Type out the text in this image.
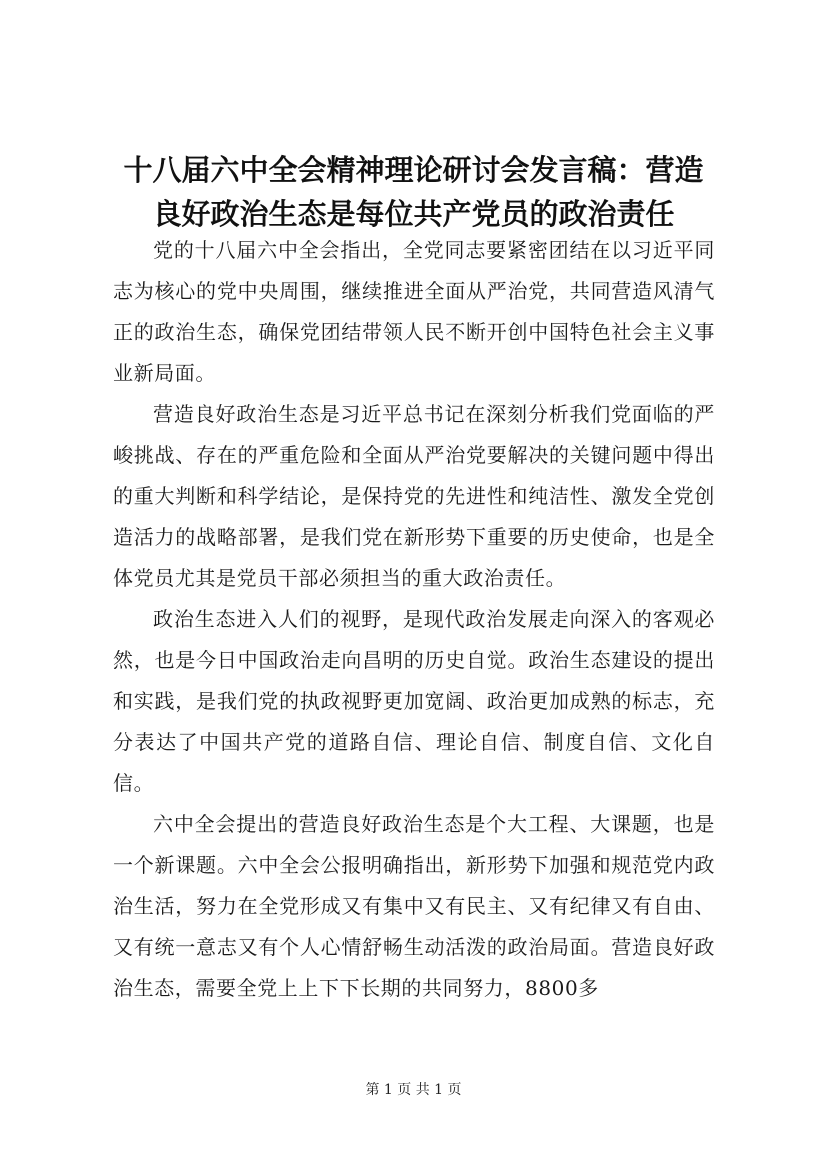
十八届六中全会精神理论研讨会发言稿：营造
良好政治生态是每位共产党员的政治责任

党的十八届六中全会指出，全党同志要紧密团结在以习近平同志为核心的党中央周围，继续推进全面从严治党，共同营造风清气正的政治生态，确保党团结带领人民不断开创中国特色社会主义事业新局面。

营造良好政治生态是习近平总书记在深刻分析我们党面临的严峻挑战、存在的严重危险和全面从严治党要解决的关键问题中得出的重大判断和科学结论，是保持党的先进性和纯洁性、激发全党创造活力的战略部署，是我们党在新形势下重要的历史使命，也是全体党员尤其是党员干部必须担当的重大政治责任。

政治生态进入人们的视野，是现代政治发展走向深入的客观必然，也是今日中国政治走向昌明的历史自觉。政治生态建设的提出和实践，是我们党的执政视野更加宽阔、政治更加成熟的标志，充分表达了中国共产党的道路自信、理论自信、制度自信、文化自信。

六中全会提出的营造良好政治生态是个大工程、大课题，也是一个新课题。六中全会公报明确指出，新形势下加强和规范党内政治生活，努力在全党形成又有集中又有民主、又有纪律又有自由、又有统一意志又有个人心情舒畅生动活泼的政治局面。营造良好政治生态，需要全党上上下下长期的共同努力，8800多

第 1 页 共 1 页
